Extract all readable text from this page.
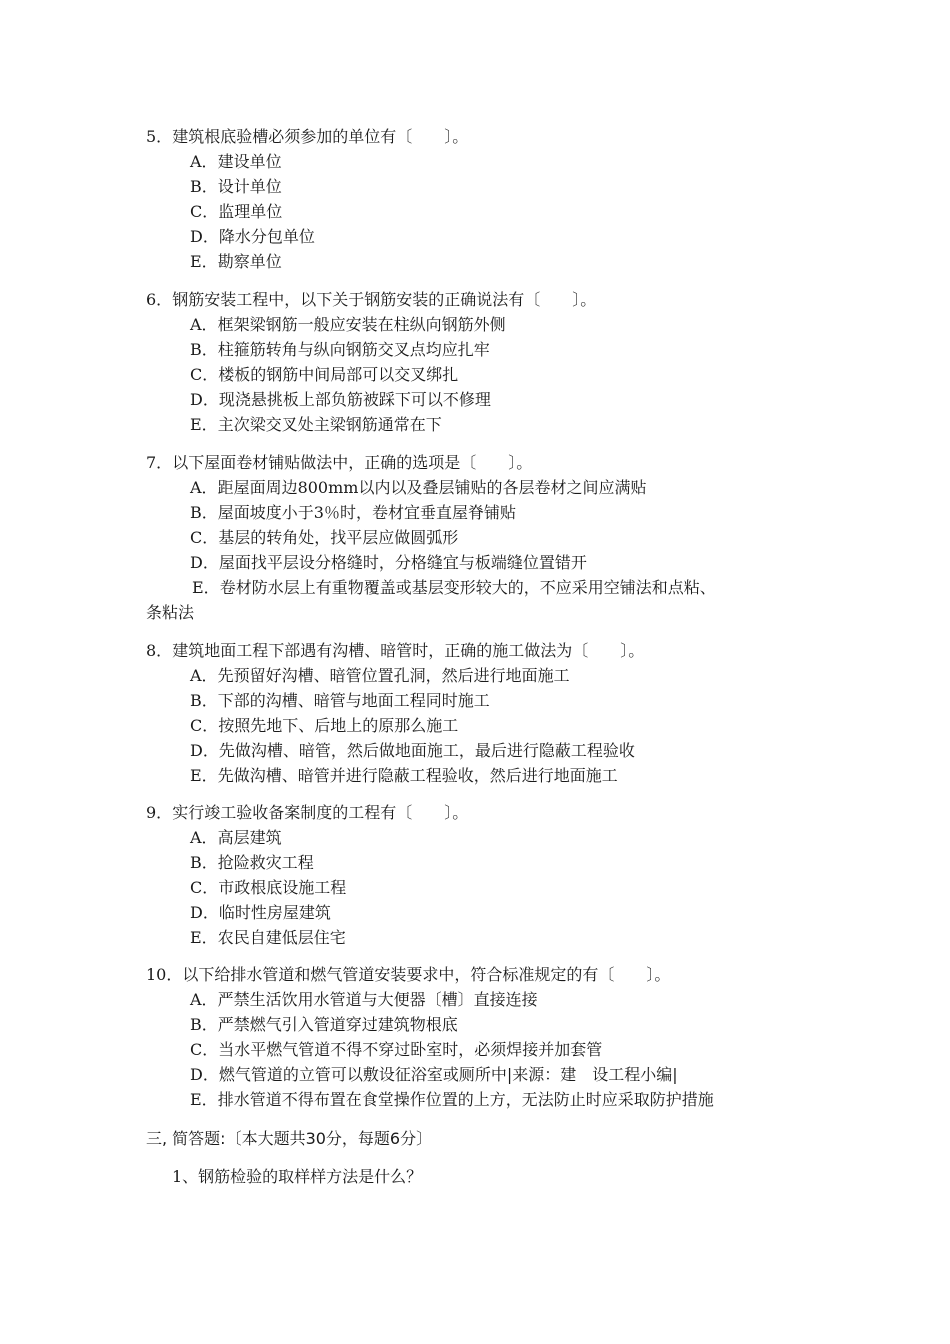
5．建筑根底验槽必须参加的单位有〔　　〕。
A．建设单位
B．设计单位
C．监理单位
D．降水分包单位
E．勘察单位
6．钢筋安装工程中，以下关于钢筋安装的正确说法有〔　　〕。
A．框架梁钢筋一般应安装在柱纵向钢筋外侧
B．柱箍筋转角与纵向钢筋交叉点均应扎牢
C．楼板的钢筋中间局部可以交叉绑扎
D．现浇悬挑板上部负筋被踩下可以不修理
E．主次梁交叉处主梁钢筋通常在下
7．以下屋面卷材铺贴做法中，正确的选项是〔　　〕。
A．距屋面周边800mm以内以及叠层铺贴的各层卷材之间应满贴
B．屋面坡度小于3％时，卷材宜垂直屋脊铺贴
C．基层的转角处，找平层应做圆弧形
D．屋面找平层设分格缝时，分格缝宜与板端缝位置错开
E．卷材防水层上有重物覆盖或基层变形较大的，不应采用空铺法和点粘、
条粘法
8．建筑地面工程下部遇有沟槽、暗管时，正确的施工做法为〔　　〕。
A．先预留好沟槽、暗管位置孔洞，然后进行地面施工
B．下部的沟槽、暗管与地面工程同时施工
C．按照先地下、后地上的原那么施工
D．先做沟槽、暗管，然后做地面施工，最后进行隐蔽工程验收
E．先做沟槽、暗管并进行隐蔽工程验收，然后进行地面施工
9．实行竣工验收备案制度的工程有〔　　〕。
A．高层建筑
B．抢险救灾工程
C．市政根底设施工程
D．临时性房屋建筑
E．农民自建低层住宅
10．以下给排水管道和燃气管道安装要求中，符合标准规定的有〔　　〕。
A．严禁生活饮用水管道与大便器〔槽〕直接连接
B．严禁燃气引入管道穿过建筑物根底
C．当水平燃气管道不得不穿过卧室时，必须焊接并加套管
D．燃气管道的立管可以敷设征浴室或厕所中|来源：建　设工程小编|
E．排水管道不得布置在食堂操作位置的上方，无法防止时应采取防护措施
三, 简答题:〔本大题共30分，每题6分〕
1、钢筋检验的取样样方法是什么？
